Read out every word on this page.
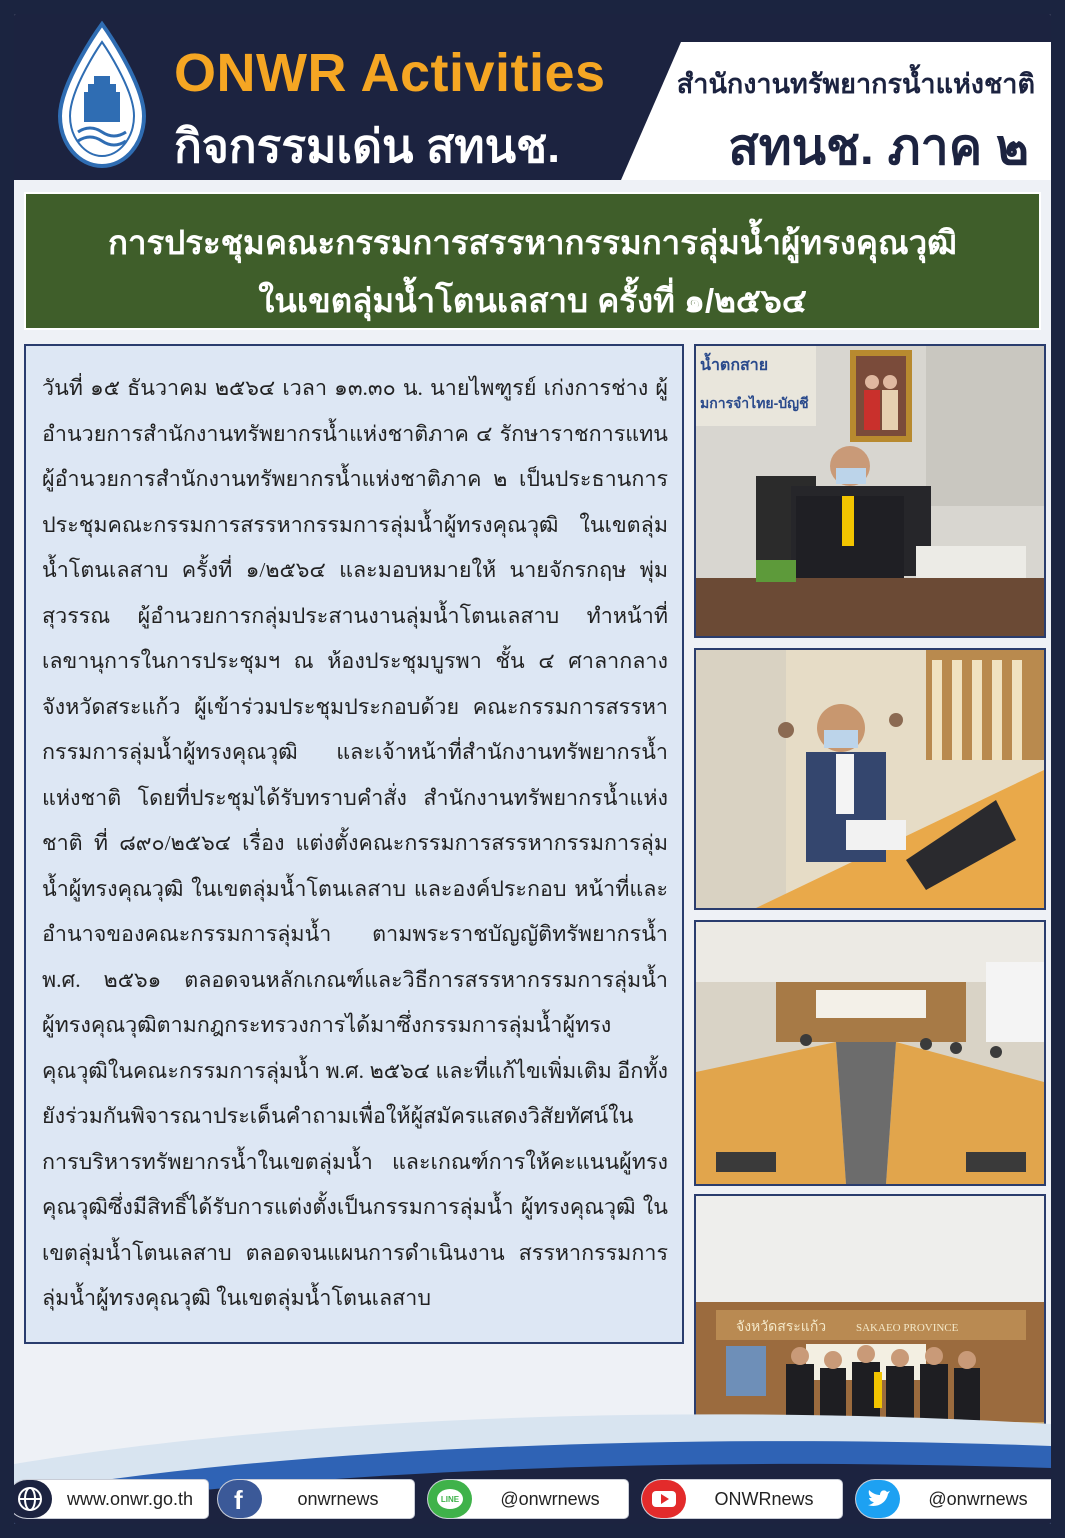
ONWR Activities
กิจกรรมเด่น สทนช.
สำนักงานทรัพยากรน้ำแห่งชาติ
สทนช. ภาค ๒
การประชุมคณะกรรมการสรรหากรรมการลุ่มน้ำผู้ทรงคุณวุฒิ
ในเขตลุ่มน้ำโตนเลสาบ ครั้งที่ ๑/๒๕๖๔
วันที่ ๑๕ ธันวาคม ๒๕๖๔ เวลา ๑๓.๓๐ น. นายไพฑูรย์ เก่งการช่าง ผู้อำนวยการสำนักงานทรัพยากรน้ำแห่งชาติภาค ๔ รักษาราชการแทน ผู้อำนวยการสำนักงานทรัพยากรน้ำแห่งชาติภาค ๒ เป็นประธานการประชุมคณะกรรมการสรรหากรรมการลุ่มน้ำผู้ทรงคุณวุฒิ ในเขตลุ่มน้ำโตนเลสาบ ครั้งที่ ๑/๒๕๖๔ และมอบหมายให้ นายจักรกฤษ พุ่มสุวรรณ ผู้อำนวยการกลุ่มประสานงานลุ่มน้ำโตนเลสาบ ทำหน้าที่เลขานุการในการประชุมฯ ณ ห้องประชุมบูรพา ชั้น ๔ ศาลากลางจังหวัดสระแก้ว ผู้เข้าร่วมประชุมประกอบด้วย คณะกรรมการสรรหากรรมการลุ่มน้ำผู้ทรงคุณวุฒิ และเจ้าหน้าที่สำนักงานทรัพยากรน้ำแห่งชาติ โดยที่ประชุมได้รับทราบคำสั่ง สำนักงานทรัพยากรน้ำแห่งชาติ ที่ ๘๙๐/๒๕๖๔ เรื่อง แต่งตั้งคณะกรรมการสรรหากรรมการลุ่มน้ำผู้ทรงคุณวุฒิ ในเขตลุ่มน้ำโตนเลสาบ และองค์ประกอบ หน้าที่และอำนาจของคณะกรรมการลุ่มน้ำ ตามพระราชบัญญัติทรัพยากรน้ำ พ.ศ. ๒๕๖๑ ตลอดจนหลักเกณฑ์และวิธีการสรรหากรรมการลุ่มน้ำผู้ทรงคุณวุฒิตามกฎกระทรวงการได้มาซึ่งกรรมการลุ่มน้ำผู้ทรงคุณวุฒิในคณะกรรมการลุ่มน้ำ พ.ศ. ๒๕๖๔ และที่แก้ไขเพิ่มเติม อีกทั้งยังร่วมกันพิจารณาประเด็นคำถามเพื่อให้ผู้สมัครแสดงวิสัยทัศน์ในการบริหารทรัพยากรน้ำในเขตลุ่มน้ำ และเกณฑ์การให้คะแนนผู้ทรงคุณวุฒิซึ่งมีสิทธิ์ได้รับการแต่งตั้งเป็นกรรมการลุ่มน้ำ ผู้ทรงคุณวุฒิ ในเขตลุ่มน้ำโตนเลสาบ ตลอดจนแผนการดำเนินงาน สรรหากรรมการลุ่มน้ำผู้ทรงคุณวุฒิ ในเขตลุ่มน้ำโตนเลสาบ
น้ำตกสาย
มการจำไทย-บัญชี
จังหวัดสระแก้ว	SAKAEO PROVINCE
www.onwr.go.th	f	onwrnews	LINE	@onwrnews	ONWRnews	@onwrnews
